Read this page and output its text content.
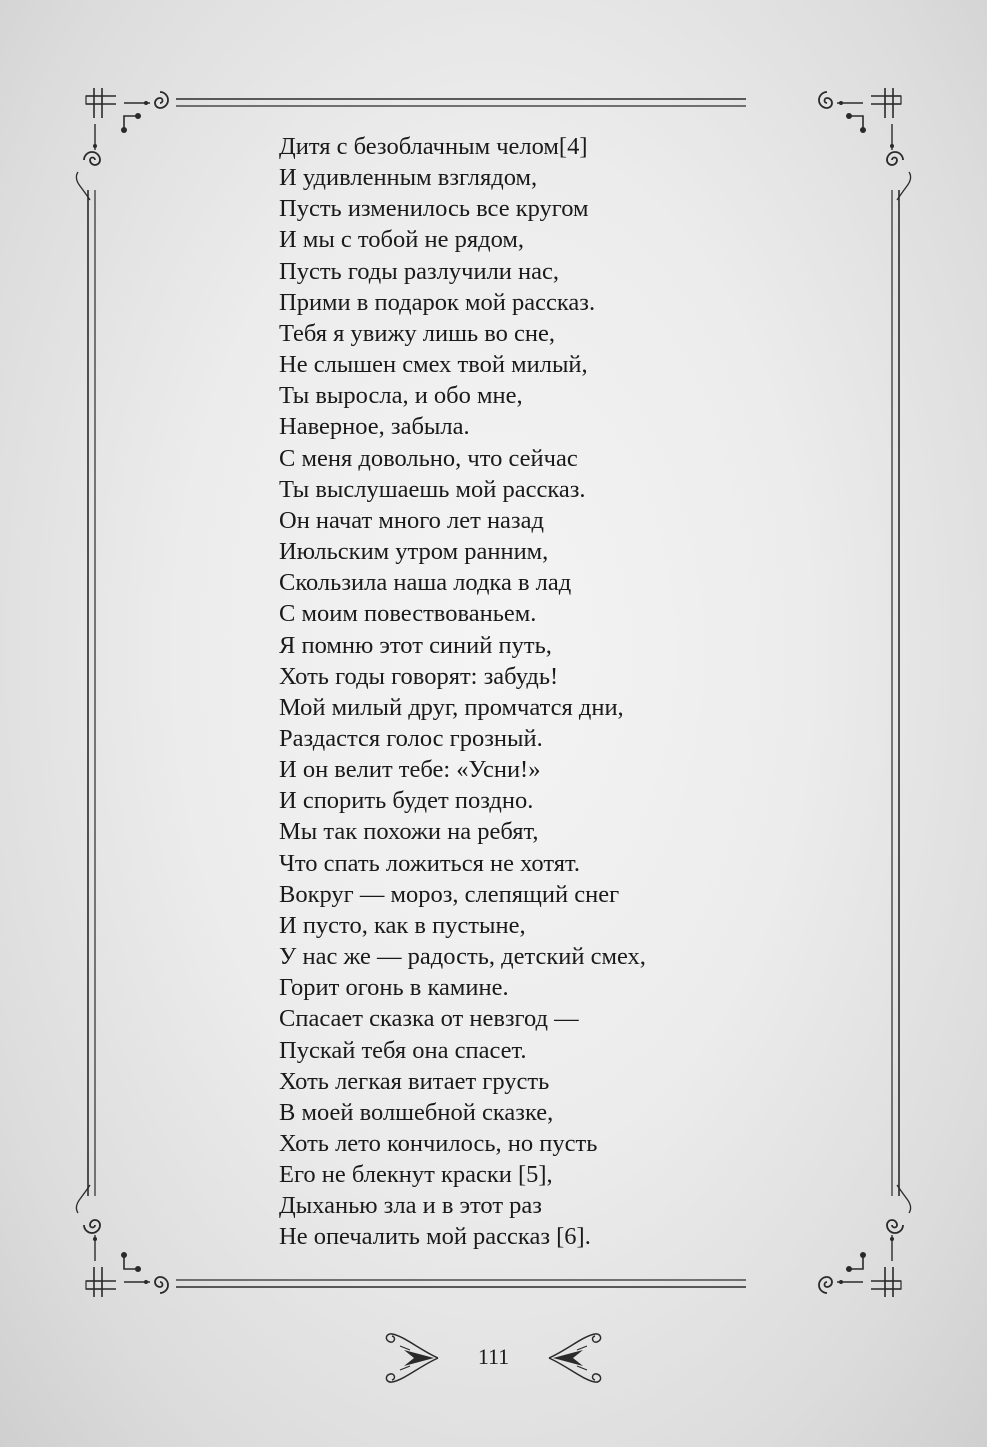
Дитя с безоблачным челом[4]
И удивленным взглядом,
Пусть изменилось все кругом
И мы с тобой не рядом,
Пусть годы разлучили нас,
Прими в подарок мой рассказ.
Тебя я увижу лишь во сне,
Не слышен смех твой милый,
Ты выросла, и обо мне,
Наверное, забыла.
С меня довольно, что сейчас
Ты выслушаешь мой рассказ.
Он начат много лет назад
Июльским утром ранним,
Скользила наша лодка в лад
С моим повествованьем.
Я помню этот синий путь,
Хоть годы говорят: забудь!
Мой милый друг, промчатся дни,
Раздастся голос грозный.
И он велит тебе: «Усни!»
И спорить будет поздно.
Мы так похожи на ребят,
Что спать ложиться не хотят.
Вокруг — мороз, слепящий снег
И пусто, как в пустыне,
У нас же — радость, детский смех,
Горит огонь в камине.
Спасает сказка от невзгод —
Пускай тебя она спасет.
Хоть легкая витает грусть
В моей волшебной сказке,
Хоть лето кончилось, но пусть
Его не блекнут краски [5],
Дыханью зла и в этот раз
Не опечалить мой рассказ [6].
111
